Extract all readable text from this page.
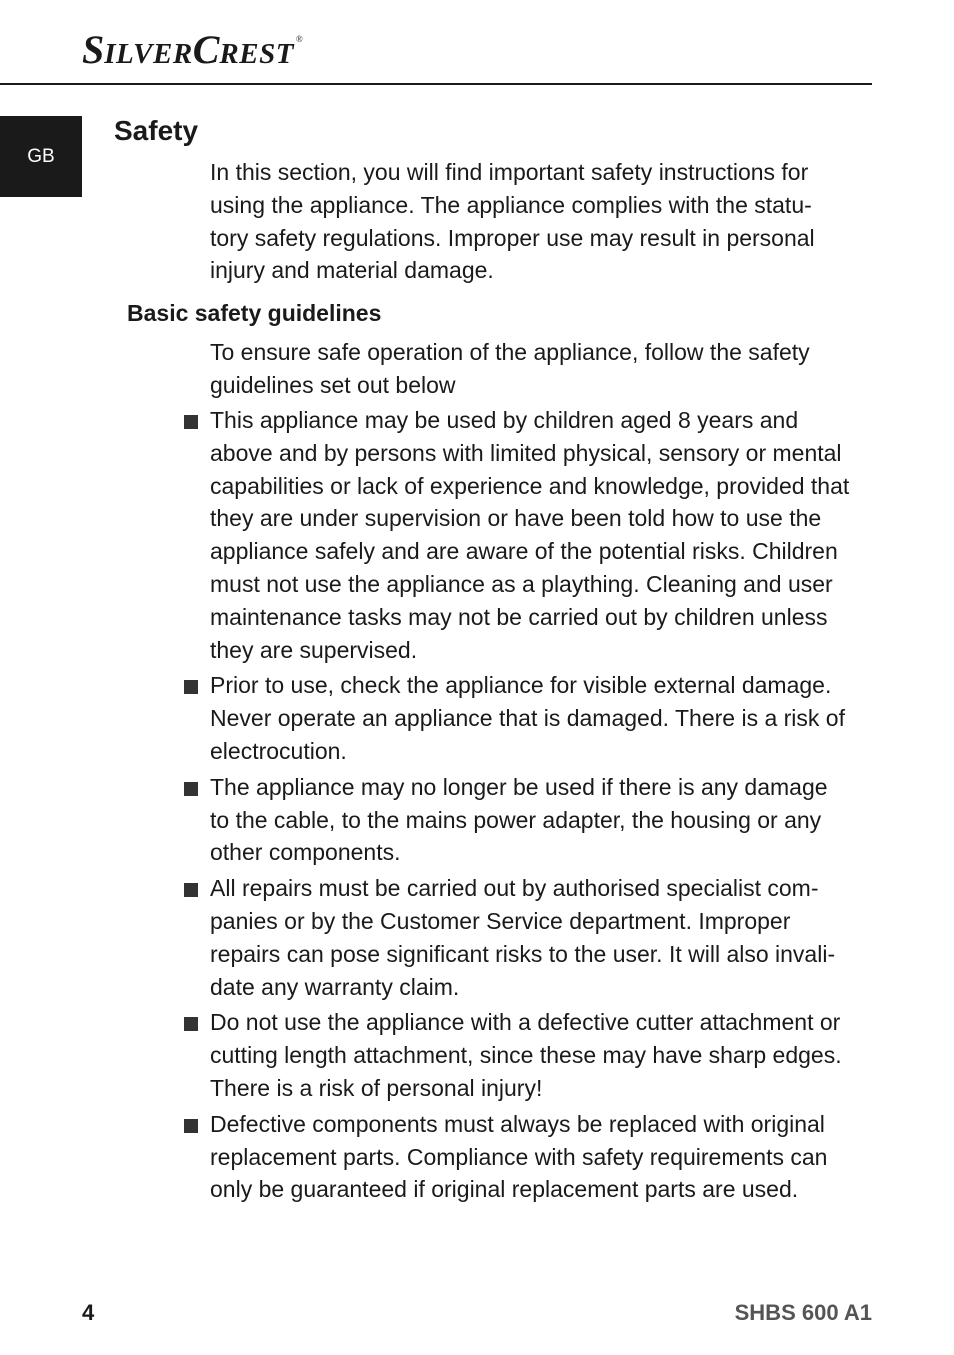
SILVERCREST ®
GB
Safety

In this section, you will find important safety instructions for using the appliance. The appliance complies with the statu-tory safety regulations. Improper use may result in personal injury and material damage.

Basic safety guidelines

To ensure safe operation of the appliance, follow the safety guidelines set out below

This appliance may be used by children aged 8 years and above and by persons with limited physical, sensory or mental capabilities or lack of experience and knowledge, provided that they are under supervision or have been told how to use the appliance safely and are aware of the potential risks. Children must not use the appliance as a plaything. Cleaning and user maintenance tasks may not be carried out by children unless they are supervised.
Prior to use, check the appliance for visible external damage. Never operate an appliance that is damaged. There is a risk of electrocution.
The appliance may no longer be used if there is any damage to the cable, to the mains power adapter, the housing or any other components.
All repairs must be carried out by authorised specialist com-panies or by the Customer Service department. Improper repairs can pose significant risks to the user. It will also invali-date any warranty claim.
Do not use the appliance with a defective cutter attachment or cutting length attachment, since these may have sharp edges. There is a risk of personal injury!
Defective components must always be replaced with original replacement parts. Compliance with safety requirements can only be guaranteed if original replacement parts are used.
4	SHBS 600 A1
